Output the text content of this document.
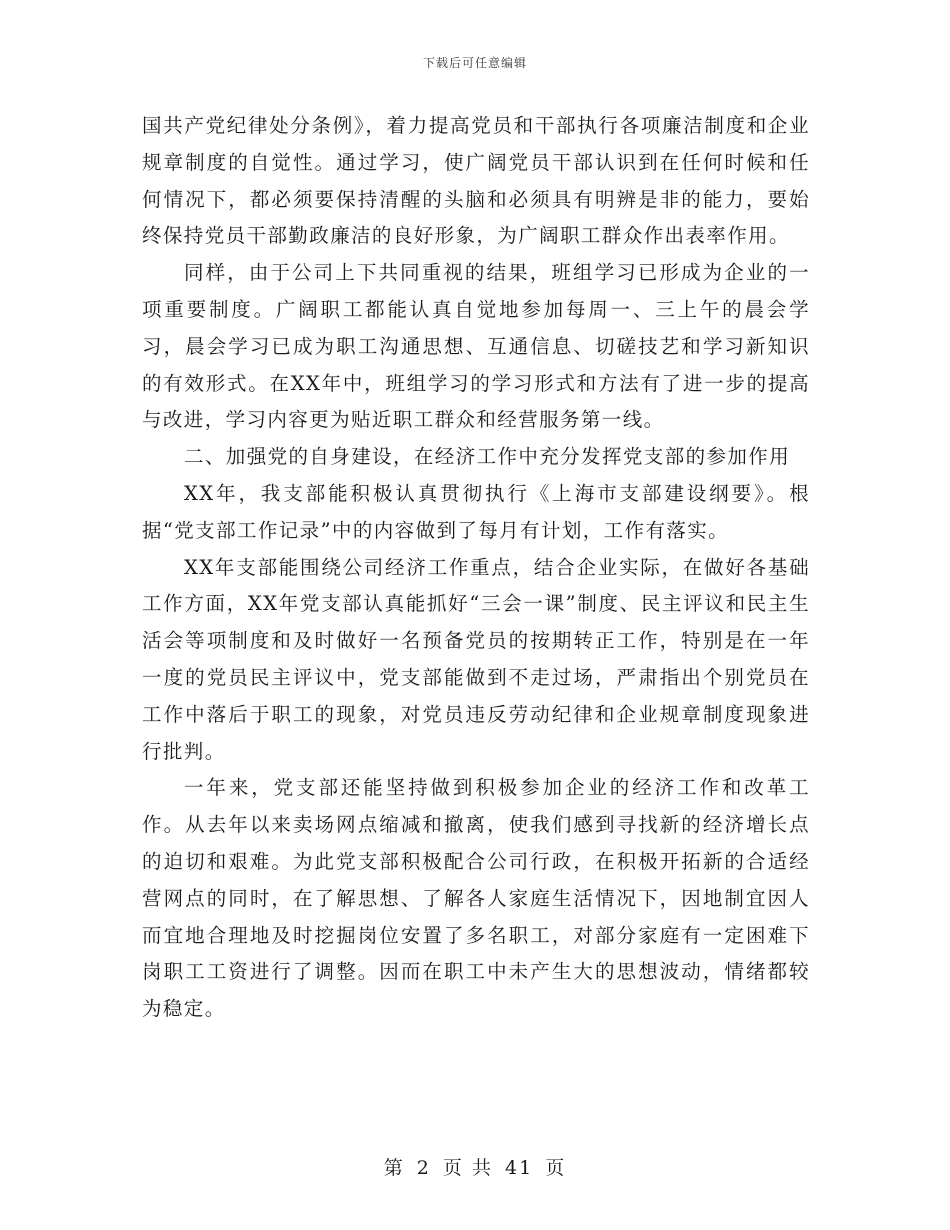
下载后可任意编辑

国共产党纪律处分条例》，着力提高党员和干部执行各项廉洁制度和企业规章制度的自觉性。通过学习，使广阔党员干部认识到在任何时候和任何情况下，都必须要保持清醒的头脑和必须具有明辨是非的能力，要始终保持党员干部勤政廉洁的良好形象，为广阔职工群众作出表率作用。

同样，由于公司上下共同重视的结果，班组学习已形成为企业的一项重要制度。广阔职工都能认真自觉地参加每周一、三上午的晨会学习，晨会学习已成为职工沟通思想、互通信息、切磋技艺和学习新知识的有效形式。在XX年中，班组学习的学习形式和方法有了进一步的提高与改进，学习内容更为贴近职工群众和经营服务第一线。

二、加强党的自身建设，在经济工作中充分发挥党支部的参加作用

XX年，我支部能积极认真贯彻执行《上海市支部建设纲要》。根据“党支部工作记录”中的内容做到了每月有计划，工作有落实。

XX年支部能围绕公司经济工作重点，结合企业实际，在做好各基础工作方面，XX年党支部认真能抓好“三会一课”制度、民主评议和民主生活会等项制度和及时做好一名预备党员的按期转正工作，特别是在一年一度的党员民主评议中，党支部能做到不走过场，严肃指出个别党员在工作中落后于职工的现象，对党员违反劳动纪律和企业规章制度现象进行批判。

一年来，党支部还能坚持做到积极参加企业的经济工作和改革工作。从去年以来卖场网点缩减和撤离，使我们感到寻找新的经济增长点的迫切和艰难。为此党支部积极配合公司行政，在积极开拓新的合适经营网点的同时，在了解思想、了解各人家庭生活情况下，因地制宜因人而宜地合理地及时挖掘岗位安置了多名职工，对部分家庭有一定困难下岗职工工资进行了调整。因而在职工中未产生大的思想波动，情绪都较为稳定。

第 2 页 共 41 页
